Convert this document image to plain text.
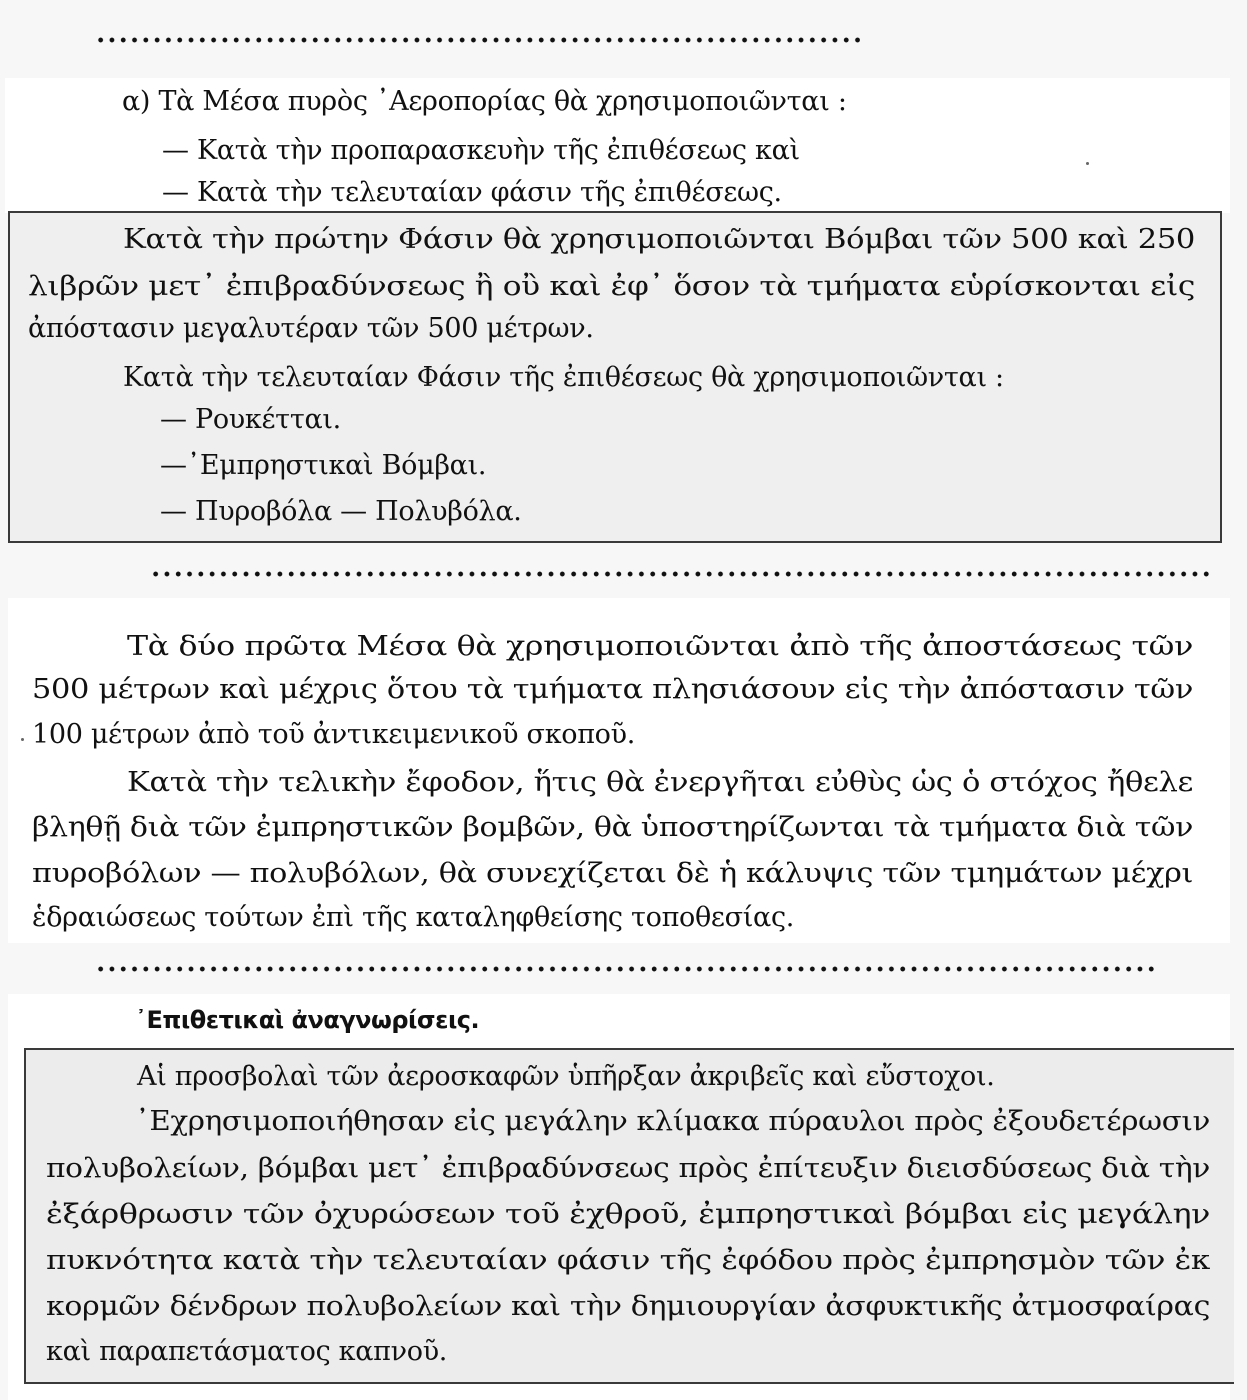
α) Τὰ Μέσα πυρὸς ᾽Αεροπορίας θὰ χρησιμοποιῶνται :
— Κατὰ τὴν προπαρασκευὴν τῆς ἐπιθέσεως καὶ
— Κατὰ τὴν τελευταίαν φάσιν τῆς ἐπιθέσεως.
Κατὰ τὴν πρώτην Φάσιν θὰ χρησιμοποιῶνται Βόμβαι τῶν 500 καὶ 250
λιβρῶν μετ᾽ ἐπιβραδύνσεως ἢ οὒ καὶ ἐφ᾽ ὅσον τὰ τμήματα εὑρίσκονται εἰς
ἀπόστασιν μεγαλυτέραν τῶν 500 μέτρων.
Κατὰ τὴν τελευταίαν Φάσιν τῆς ἐπιθέσεως θὰ χρησιμοποιῶνται :
— Ρουκέτται.
—᾽Εμπρηστικαὶ Βόμβαι.
— Πυροβόλα — Πολυβόλα.
Τὰ δύο πρῶτα Μέσα θὰ χρησιμοποιῶνται ἀπὸ τῆς ἀποστάσεως τῶν
500 μέτρων καὶ μέχρις ὅτου τὰ τμήματα πλησιάσουν εἰς τὴν ἀπόστασιν τῶν
100 μέτρων ἀπὸ τοῦ ἀντικειμενικοῦ σκοποῦ.
Κατὰ τὴν τελικὴν ἔφοδον, ἥτις θὰ ἐνεργῆται εὐθὺς ὡς ὁ στόχος ἤθελε
βληθῇ διὰ τῶν ἐμπρηστικῶν βομβῶν, θὰ ὑποστηρίζωνται τὰ τμήματα διὰ τῶν
πυροβόλων — πολυβόλων, θὰ συνεχίζεται δὲ ἡ κάλυψις τῶν τμημάτων μέχρι
ἑδραιώσεως τούτων ἐπὶ τῆς καταληφθείσης τοποθεσίας.
᾽Επιθετικαὶ ἀναγνωρίσεις.
Αἱ προσβολαὶ τῶν ἀεροσκαφῶν ὑπῆρξαν ἀκριβεῖς καὶ εὔστοχοι.
᾽Εχρησιμοποιήθησαν εἰς μεγάλην κλίμακα πύραυλοι πρὸς ἐξουδετέρωσιν
πολυβολείων, βόμβαι μετ᾽ ἐπιβραδύνσεως πρὸς ἐπίτευξιν διεισδύσεως διὰ τὴν
ἐξάρθρωσιν τῶν ὀχυρώσεων τοῦ ἐχθροῦ, ἐμπρηστικαὶ βόμβαι εἰς μεγάλην
πυκνότητα κατὰ τὴν τελευταίαν φάσιν τῆς ἐφόδου πρὸς ἐμπρησμὸν τῶν ἐκ
κορμῶν δένδρων πολυβολείων καὶ τὴν δημιουργίαν ἀσφυκτικῆς ἀτμοσφαίρας
καὶ παραπετάσματος καπνοῦ.
